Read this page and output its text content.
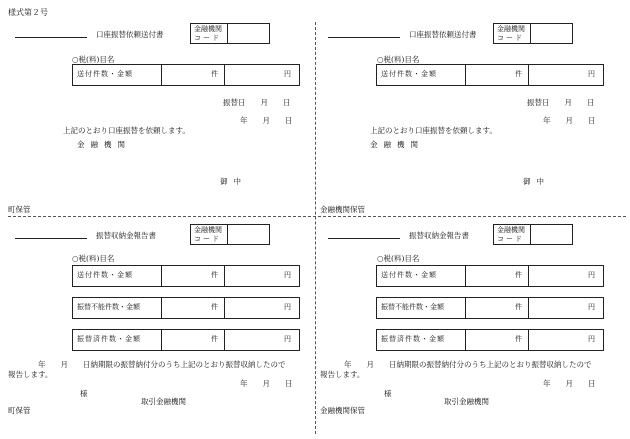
様式第２号
口座振替依頼送付書
金融機関
コード
○税(料)目名
送付件数・金額	件	円
振替日　　月　　日
年　　月　　日
上記のとおり口座振替を依頼します。
金融機関
御中
町保管
口座振替依頼送付書
金融機関
コード
○税(料)目名
送付件数・金額	件	円
振替日　　月　　日
年　　月　　日
上記のとおり口座振替を依頼します。
金融機関
御中
金融機関保管
振替収納金報告書
金融機関
コード
○税(料)目名
送付件数・金額	件	円
振替不能件数・金額	件	円
振替済件数・金額	件	円
年　　月　　日納期限の振替納付分のうち上記のとおり振替収納したので
報告します。
年　　月　　日
様
取引金融機関
町保管
振替収納金報告書
金融機関
コード
○税(料)目名
送付件数・金額	件	円
振替不能件数・金額	件	円
振替済件数・金額	件	円
年　　月　　日納期限の振替納付分のうち上記のとおり振替収納したので
報告します。
年　　月　　日
様
取引金融機関
金融機関保管
